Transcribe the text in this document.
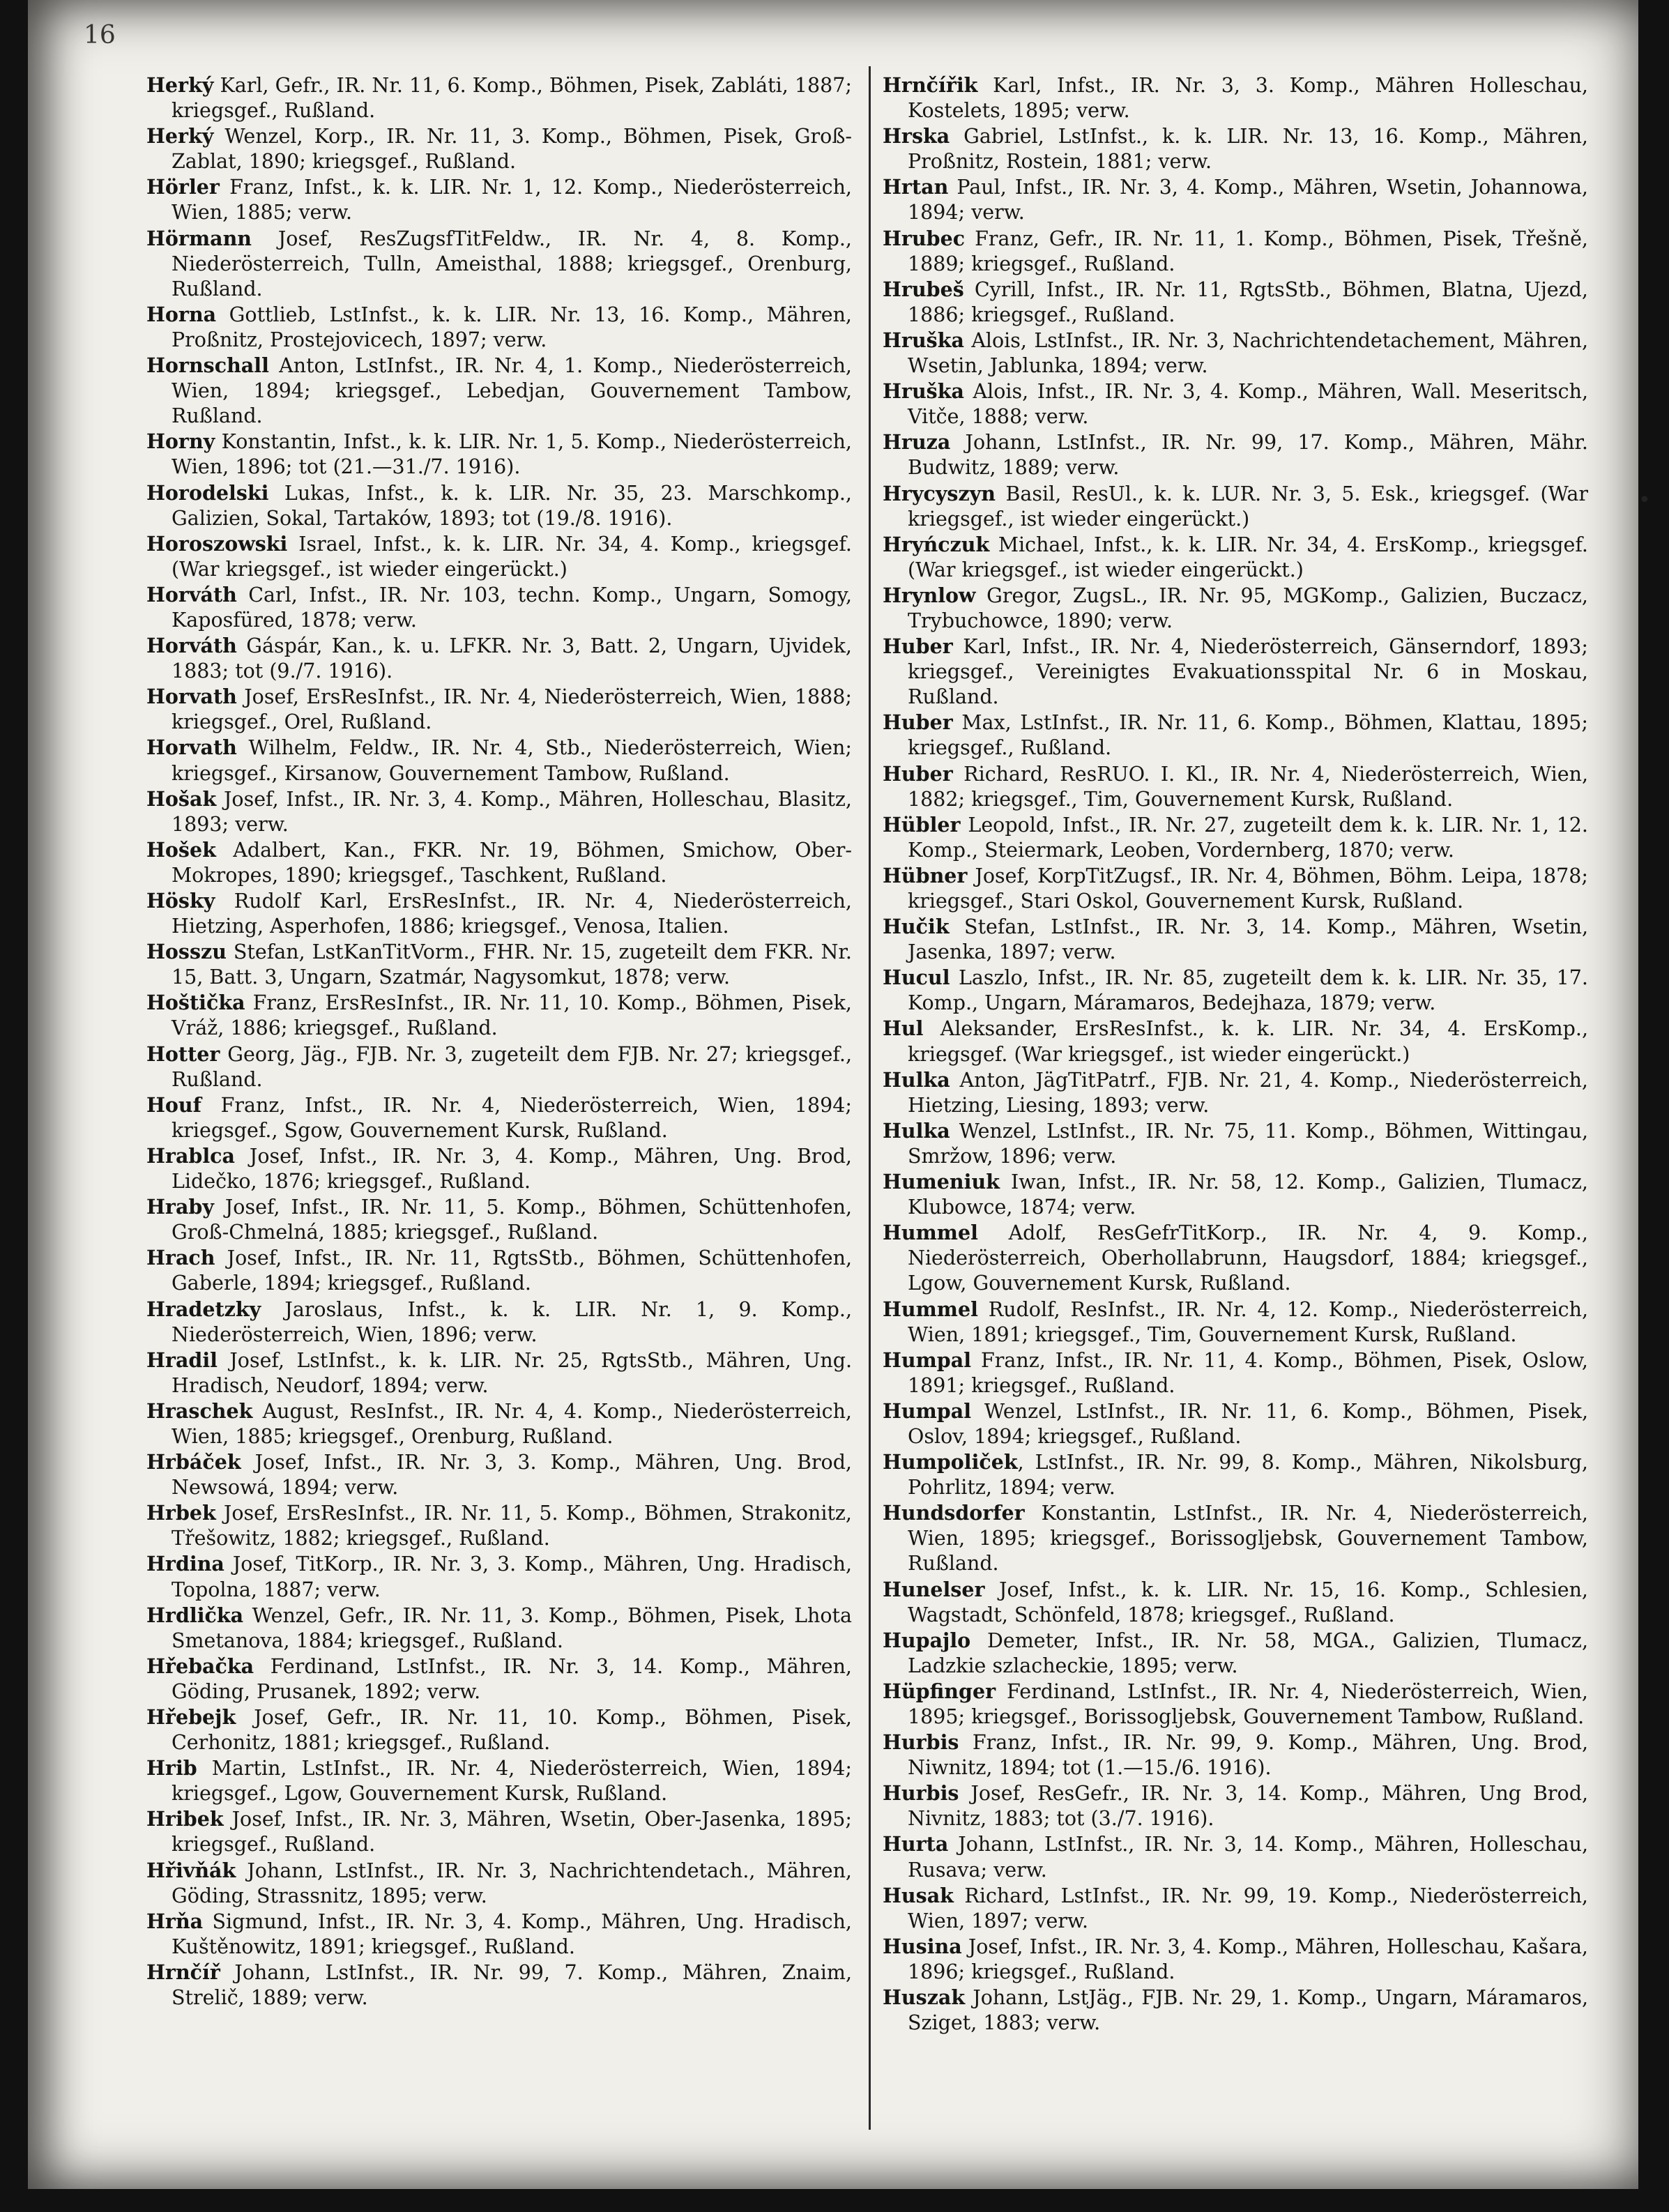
16
Herký Karl, Gefr., IR. Nr. 11, 6. Komp., Böhmen, Pisek, Zabláti, 1887; kriegsgef., Rußland.
Herký Wenzel, Korp., IR. Nr. 11, 3. Komp., Böhmen, Pisek, Groß-Zablat, 1890; kriegsgef., Rußland.
Hörler Franz, Infst., k. k. LIR. Nr. 1, 12. Komp., Niederösterreich, Wien, 1885; verw.
Hörmann Josef, ResZugsfTitFeldw., IR. Nr. 4, 8. Komp., Niederösterreich, Tulln, Ameisthal, 1888; kriegsgef., Orenburg, Rußland.
Horna Gottlieb, LstInfst., k. k. LIR. Nr. 13, 16. Komp., Mähren, Proßnitz, Prostejovicech, 1897; verw.
Hornschall Anton, LstInfst., IR. Nr. 4, 1. Komp., Niederösterreich, Wien, 1894; kriegsgef., Lebedjan, Gouvernement Tambow, Rußland.
Horny Konstantin, Infst., k. k. LIR. Nr. 1, 5. Komp., Niederösterreich, Wien, 1896; tot (21.—31./7. 1916).
Horodelski Lukas, Infst., k. k. LIR. Nr. 35, 23. Marschkomp., Galizien, Sokal, Tartaków, 1893; tot (19./8. 1916).
Horoszowski Israel, Infst., k. k. LIR. Nr. 34, 4. Komp., kriegsgef. (War kriegsgef., ist wieder eingerückt.)
Horváth Carl, Infst., IR. Nr. 103, techn. Komp., Ungarn, Somogy, Kaposfüred, 1878; verw.
Horváth Gáspár, Kan., k. u. LFKR. Nr. 3, Batt. 2, Ungarn, Ujvidek, 1883; tot (9./7. 1916).
Horvath Josef, ErsResInfst., IR. Nr. 4, Niederösterreich, Wien, 1888; kriegsgef., Orel, Rußland.
Horvath Wilhelm, Feldw., IR. Nr. 4, Stb., Niederösterreich, Wien; kriegsgef., Kirsanow, Gouvernement Tambow, Rußland.
Hošak Josef, Infst., IR. Nr. 3, 4. Komp., Mähren, Holleschau, Blasitz, 1893; verw.
Hošek Adalbert, Kan., FKR. Nr. 19, Böhmen, Smichow, Ober-Mokropes, 1890; kriegsgef., Taschkent, Rußland.
Hösky Rudolf Karl, ErsResInfst., IR. Nr. 4, Niederösterreich, Hietzing, Asperhofen, 1886; kriegsgef., Venosa, Italien.
Hosszu Stefan, LstKanTitVorm., FHR. Nr. 15, zugeteilt dem FKR. Nr. 15, Batt. 3, Ungarn, Szatmár, Nagysomkut, 1878; verw.
Hoštička Franz, ErsResInfst., IR. Nr. 11, 10. Komp., Böhmen, Pisek, Vráž, 1886; kriegsgef., Rußland.
Hotter Georg, Jäg., FJB. Nr. 3, zugeteilt dem FJB. Nr. 27; kriegsgef., Rußland.
Houf Franz, Infst., IR. Nr. 4, Niederösterreich, Wien, 1894; kriegsgef., Sgow, Gouvernement Kursk, Rußland.
Hrablca Josef, Infst., IR. Nr. 3, 4. Komp., Mähren, Ung. Brod, Lidečko, 1876; kriegsgef., Rußland.
Hraby Josef, Infst., IR. Nr. 11, 5. Komp., Böhmen, Schüttenhofen, Groß-Chmelná, 1885; kriegsgef., Rußland.
Hrach Josef, Infst., IR. Nr. 11, RgtsStb., Böhmen, Schüttenhofen, Gaberle, 1894; kriegsgef., Rußland.
Hradetzky Jaroslaus, Infst., k. k. LIR. Nr. 1, 9. Komp., Niederösterreich, Wien, 1896; verw.
Hradil Josef, LstInfst., k. k. LIR. Nr. 25, RgtsStb., Mähren, Ung. Hradisch, Neudorf, 1894; verw.
Hraschek August, ResInfst., IR. Nr. 4, 4. Komp., Niederösterreich, Wien, 1885; kriegsgef., Orenburg, Rußland.
Hrbáček Josef, Infst., IR. Nr. 3, 3. Komp., Mähren, Ung. Brod, Newsowá, 1894; verw.
Hrbek Josef, ErsResInfst., IR. Nr. 11, 5. Komp., Böhmen, Strakonitz, Třešowitz, 1882; kriegsgef., Rußland.
Hrdina Josef, TitKorp., IR. Nr. 3, 3. Komp., Mähren, Ung. Hradisch, Topolna, 1887; verw.
Hrdlička Wenzel, Gefr., IR. Nr. 11, 3. Komp., Böhmen, Pisek, Lhota Smetanova, 1884; kriegsgef., Rußland.
Hřebačka Ferdinand, LstInfst., IR. Nr. 3, 14. Komp., Mähren, Göding, Prusanek, 1892; verw.
Hřebejk Josef, Gefr., IR. Nr. 11, 10. Komp., Böhmen, Pisek, Cerhonitz, 1881; kriegsgef., Rußland.
Hrib Martin, LstInfst., IR. Nr. 4, Niederösterreich, Wien, 1894; kriegsgef., Lgow, Gouvernement Kursk, Rußland.
Hribek Josef, Infst., IR. Nr. 3, Mähren, Wsetin, Ober-Jasenka, 1895; kriegsgef., Rußland.
Hřivňák Johann, LstInfst., IR. Nr. 3, Nachrichtendetach., Mähren, Göding, Strassnitz, 1895; verw.
Hrňa Sigmund, Infst., IR. Nr. 3, 4. Komp., Mähren, Ung. Hradisch, Kuštěnowitz, 1891; kriegsgef., Rußland.
Hrnčíř Johann, LstInfst., IR. Nr. 99, 7. Komp., Mähren, Znaim, Strelič, 1889; verw.
Hrnčířik Karl, Infst., IR. Nr. 3, 3. Komp., Mähren Holleschau, Kostelets, 1895; verw.
Hrska Gabriel, LstInfst., k. k. LIR. Nr. 13, 16. Komp., Mähren, Proßnitz, Rostein, 1881; verw.
Hrtan Paul, Infst., IR. Nr. 3, 4. Komp., Mähren, Wsetin, Johannowa, 1894; verw.
Hrubec Franz, Gefr., IR. Nr. 11, 1. Komp., Böhmen, Pisek, Třešně, 1889; kriegsgef., Rußland.
Hrubeš Cyrill, Infst., IR. Nr. 11, RgtsStb., Böhmen, Blatna, Ujezd, 1886; kriegsgef., Rußland.
Hruška Alois, LstInfst., IR. Nr. 3, Nachrichtendetachement, Mähren, Wsetin, Jablunka, 1894; verw.
Hruška Alois, Infst., IR. Nr. 3, 4. Komp., Mähren, Wall. Meseritsch, Vitče, 1888; verw.
Hruza Johann, LstInfst., IR. Nr. 99, 17. Komp., Mähren, Mähr. Budwitz, 1889; verw.
Hrycyszyn Basil, ResUl., k. k. LUR. Nr. 3, 5. Esk., kriegsgef. (War kriegsgef., ist wieder eingerückt.)
Hryńczuk Michael, Infst., k. k. LIR. Nr. 34, 4. ErsKomp., kriegsgef. (War kriegsgef., ist wieder eingerückt.)
Hrynlow Gregor, ZugsL., IR. Nr. 95, MGKomp., Galizien, Buczacz, Trybuchowce, 1890; verw.
Huber Karl, Infst., IR. Nr. 4, Niederösterreich, Gänserndorf, 1893; kriegsgef., Vereinigtes Evakuationsspital Nr. 6 in Moskau, Rußland.
Huber Max, LstInfst., IR. Nr. 11, 6. Komp., Böhmen, Klattau, 1895; kriegsgef., Rußland.
Huber Richard, ResRUO. I. Kl., IR. Nr. 4, Niederösterreich, Wien, 1882; kriegsgef., Tim, Gouvernement Kursk, Rußland.
Hübler Leopold, Infst., IR. Nr. 27, zugeteilt dem k. k. LIR. Nr. 1, 12. Komp., Steiermark, Leoben, Vordernberg, 1870; verw.
Hübner Josef, KorpTitZugsf., IR. Nr. 4, Böhmen, Böhm. Leipa, 1878; kriegsgef., Stari Oskol, Gouvernement Kursk, Rußland.
Hučik Stefan, LstInfst., IR. Nr. 3, 14. Komp., Mähren, Wsetin, Jasenka, 1897; verw.
Hucul Laszlo, Infst., IR. Nr. 85, zugeteilt dem k. k. LIR. Nr. 35, 17. Komp., Ungarn, Máramaros, Bedejhaza, 1879; verw.
Hul Aleksander, ErsResInfst., k. k. LIR. Nr. 34, 4. ErsKomp., kriegsgef. (War kriegsgef., ist wieder eingerückt.)
Hulka Anton, JägTitPatrf., FJB. Nr. 21, 4. Komp., Niederösterreich, Hietzing, Liesing, 1893; verw.
Hulka Wenzel, LstInfst., IR. Nr. 75, 11. Komp., Böhmen, Wittingau, Smržow, 1896; verw.
Humeniuk Iwan, Infst., IR. Nr. 58, 12. Komp., Galizien, Tlumacz, Klubowce, 1874; verw.
Hummel Adolf, ResGefrTitKorp., IR. Nr. 4, 9. Komp., Niederösterreich, Oberhollabrunn, Haugsdorf, 1884; kriegsgef., Lgow, Gouvernement Kursk, Rußland.
Hummel Rudolf, ResInfst., IR. Nr. 4, 12. Komp., Niederösterreich, Wien, 1891; kriegsgef., Tim, Gouvernement Kursk, Rußland.
Humpal Franz, Infst., IR. Nr. 11, 4. Komp., Böhmen, Pisek, Oslow, 1891; kriegsgef., Rußland.
Humpal Wenzel, LstInfst., IR. Nr. 11, 6. Komp., Böhmen, Pisek, Oslov, 1894; kriegsgef., Rußland.
Humpoliček, LstInfst., IR. Nr. 99, 8. Komp., Mähren, Nikolsburg, Pohrlitz, 1894; verw.
Hundsdorfer Konstantin, LstInfst., IR. Nr. 4, Niederösterreich, Wien, 1895; kriegsgef., Borissogljebsk, Gouvernement Tambow, Rußland.
Hunelser Josef, Infst., k. k. LIR. Nr. 15, 16. Komp., Schlesien, Wagstadt, Schönfeld, 1878; kriegsgef., Rußland.
Hupajlo Demeter, Infst., IR. Nr. 58, MGA., Galizien, Tlumacz, Ladzkie szlacheckie, 1895; verw.
Hüpfinger Ferdinand, LstInfst., IR. Nr. 4, Niederösterreich, Wien, 1895; kriegsgef., Borissogljebsk, Gouvernement Tambow, Rußland.
Hurbis Franz, Infst., IR. Nr. 99, 9. Komp., Mähren, Ung. Brod, Niwnitz, 1894; tot (1.—15./6. 1916).
Hurbis Josef, ResGefr., IR. Nr. 3, 14. Komp., Mähren, Ung Brod, Nivnitz, 1883; tot (3./7. 1916).
Hurta Johann, LstInfst., IR. Nr. 3, 14. Komp., Mähren, Holleschau, Rusava; verw.
Husak Richard, LstInfst., IR. Nr. 99, 19. Komp., Niederösterreich, Wien, 1897; verw.
Husina Josef, Infst., IR. Nr. 3, 4. Komp., Mähren, Holleschau, Kašara, 1896; kriegsgef., Rußland.
Huszak Johann, LstJäg., FJB. Nr. 29, 1. Komp., Ungarn, Máramaros, Sziget, 1883; verw.
•
